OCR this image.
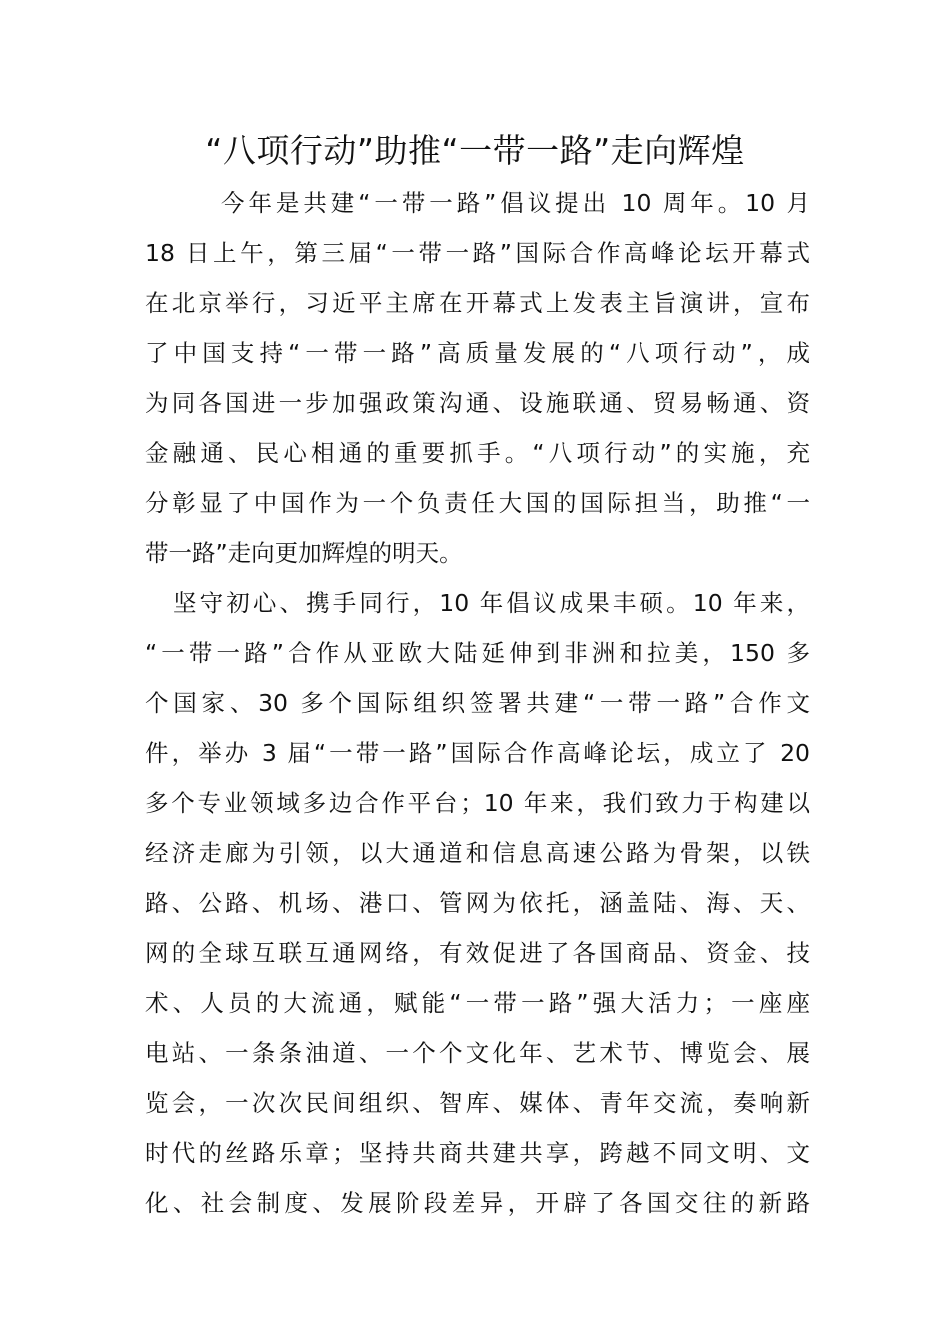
“八项行动”助推“一带一路”走向辉煌
今年是共建“一带一路”倡议提出 10 周年。10 月
18 日上午，第三届“一带一路”国际合作高峰论坛开幕式
在北京举行，习近平主席在开幕式上发表主旨演讲，宣布
了中国支持“一带一路”高质量发展的“八项行动”，成
为同各国进一步加强政策沟通、设施联通、贸易畅通、资
金融通、民心相通的重要抓手。“八项行动”的实施，充
分彰显了中国作为一个负责任大国的国际担当，助推“一
带一路”走向更加辉煌的明天。
坚守初心、携手同行，10 年倡议成果丰硕。10 年来，
“一带一路”合作从亚欧大陆延伸到非洲和拉美，150 多
个国家、30 多个国际组织签署共建“一带一路”合作文
件，举办 3 届“一带一路”国际合作高峰论坛，成立了 20
多个专业领域多边合作平台；10 年来，我们致力于构建以
经济走廊为引领，以大通道和信息高速公路为骨架，以铁
路、公路、机场、港口、管网为依托，涵盖陆、海、天、
网的全球互联互通网络，有效促进了各国商品、资金、技
术、人员的大流通，赋能“一带一路”强大活力；一座座
电站、一条条油道、一个个文化年、艺术节、博览会、展
览会，一次次民间组织、智库、媒体、青年交流，奏响新
时代的丝路乐章；坚持共商共建共享，跨越不同文明、文
化、社会制度、发展阶段差异，开辟了各国交往的新路
